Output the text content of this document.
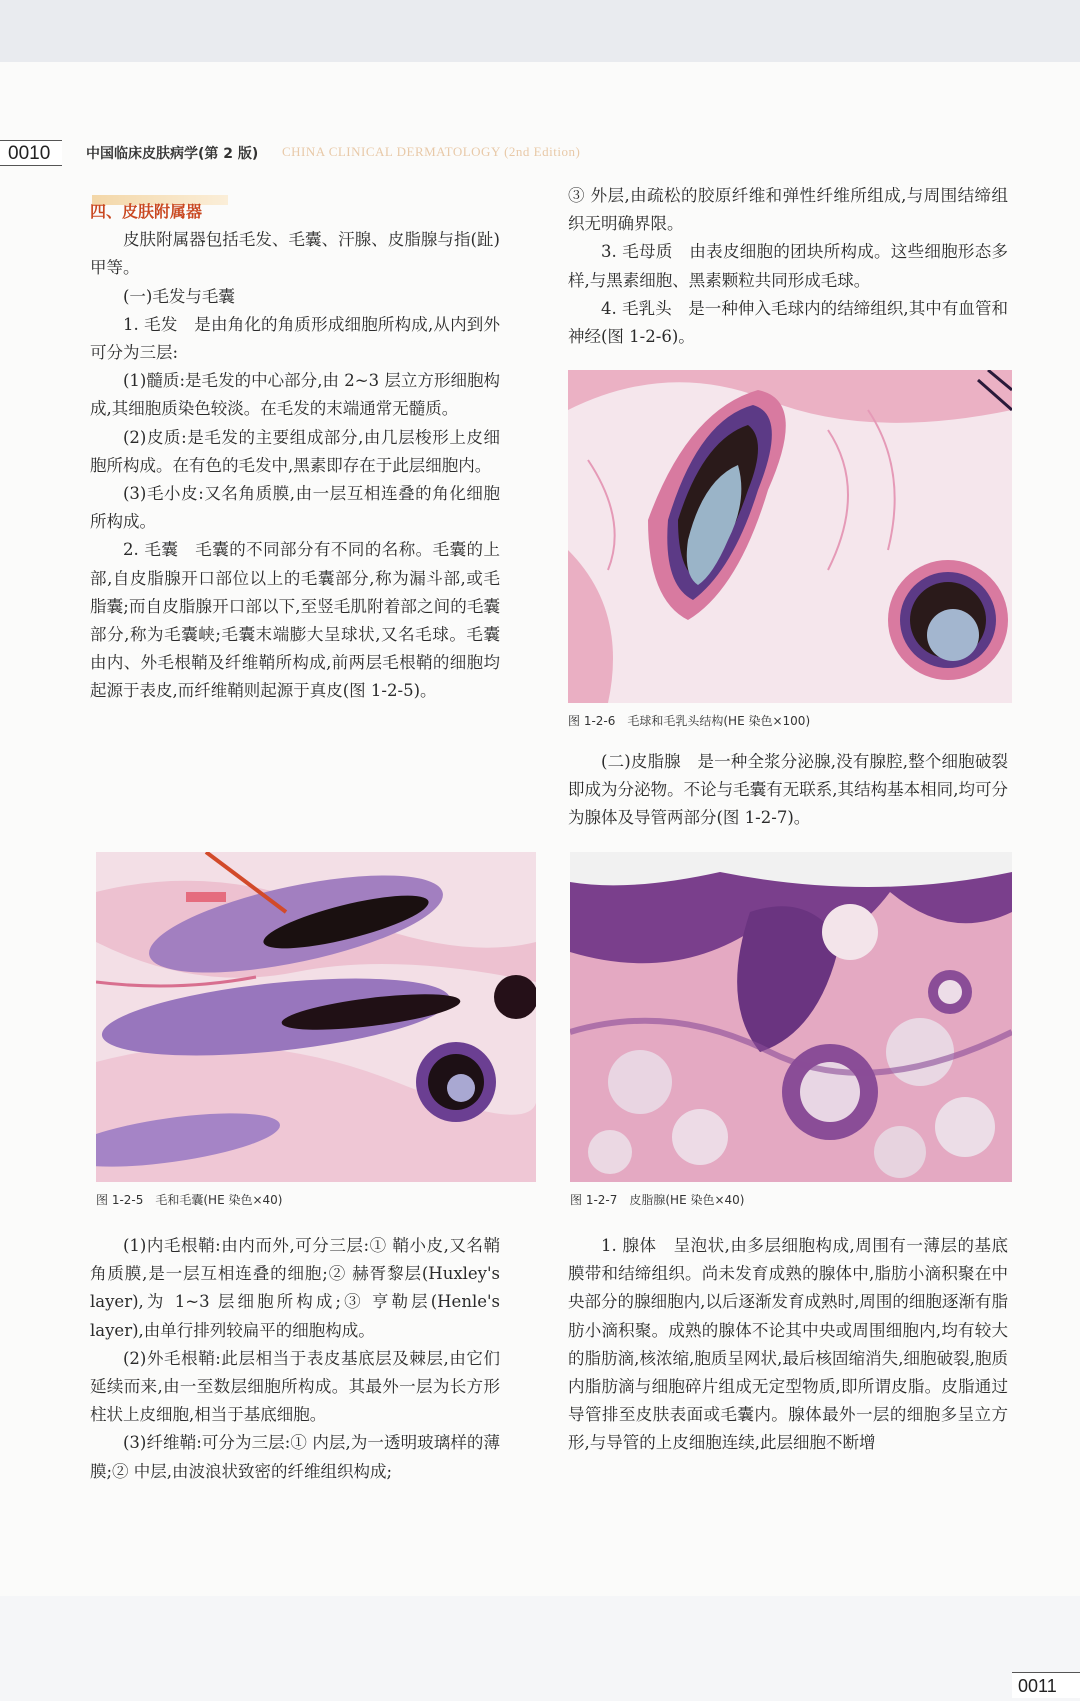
0010	中国临床皮肤病学(第 2 版) CHINA CLINICAL DERMATOLOGY (2nd Edition)

四、皮肤附属器

皮肤附属器包括毛发、毛囊、汗腺、皮脂腺与指(趾)甲等。

(一)毛发与毛囊

1. 毛发　是由角化的角质形成细胞所构成,从内到外可分为三层:

(1)髓质:是毛发的中心部分,由 2~3 层立方形细胞构成,其细胞质染色较淡。在毛发的末端通常无髓质。

(2)皮质:是毛发的主要组成部分,由几层梭形上皮细胞所构成。在有色的毛发中,黑素即存在于此层细胞内。

(3)毛小皮:又名角质膜,由一层互相连叠的角化细胞所构成。

2. 毛囊　毛囊的不同部分有不同的名称。毛囊的上部,自皮脂腺开口部位以上的毛囊部分,称为漏斗部,或毛脂囊;而自皮脂腺开口部以下,至竖毛肌附着部之间的毛囊部分,称为毛囊峡;毛囊末端膨大呈球状,又名毛球。毛囊由内、外毛根鞘及纤维鞘所构成,前两层毛根鞘的细胞均起源于表皮,而纤维鞘则起源于真皮(图 1-2-5)。

图 1-2-5　毛和毛囊(HE 染色×40)

(1)内毛根鞘:由内而外,可分三层:① 鞘小皮,又名鞘角质膜,是一层互相连叠的细胞;② 赫胥黎层(Huxley's layer),为 1~3 层细胞所构成;③ 亨勒层(Henle's layer),由单行排列较扁平的细胞构成。

(2)外毛根鞘:此层相当于表皮基底层及棘层,由它们延续而来,由一至数层细胞所构成。其最外一层为长方形柱状上皮细胞,相当于基底细胞。

(3)纤维鞘:可分为三层:① 内层,为一透明玻璃样的薄膜;② 中层,由波浪状致密的纤维组织构成;

③ 外层,由疏松的胶原纤维和弹性纤维所组成,与周围结缔组织无明确界限。

3. 毛母质　由表皮细胞的团块所构成。这些细胞形态多样,与黑素细胞、黑素颗粒共同形成毛球。

4. 毛乳头　是一种伸入毛球内的结缔组织,其中有血管和神经(图 1-2-6)。

图 1-2-6　毛球和毛乳头结构(HE 染色×100)

(二)皮脂腺　是一种全浆分泌腺,没有腺腔,整个细胞破裂即成为分泌物。不论与毛囊有无联系,其结构基本相同,均可分为腺体及导管两部分(图 1-2-7)。

图 1-2-7　皮脂腺(HE 染色×40)

1. 腺体　呈泡状,由多层细胞构成,周围有一薄层的基底膜带和结缔组织。尚未发育成熟的腺体中,脂肪小滴积聚在中央部分的腺细胞内,以后逐渐发育成熟时,周围的细胞逐渐有脂肪小滴积聚。成熟的腺体不论其中央或周围细胞内,均有较大的脂肪滴,核浓缩,胞质呈网状,最后核固缩消失,细胞破裂,胞质内脂肪滴与细胞碎片组成无定型物质,即所谓皮脂。皮脂通过导管排至皮肤表面或毛囊内。腺体最外一层的细胞多呈立方形,与导管的上皮细胞连续,此层细胞不断增

0011
